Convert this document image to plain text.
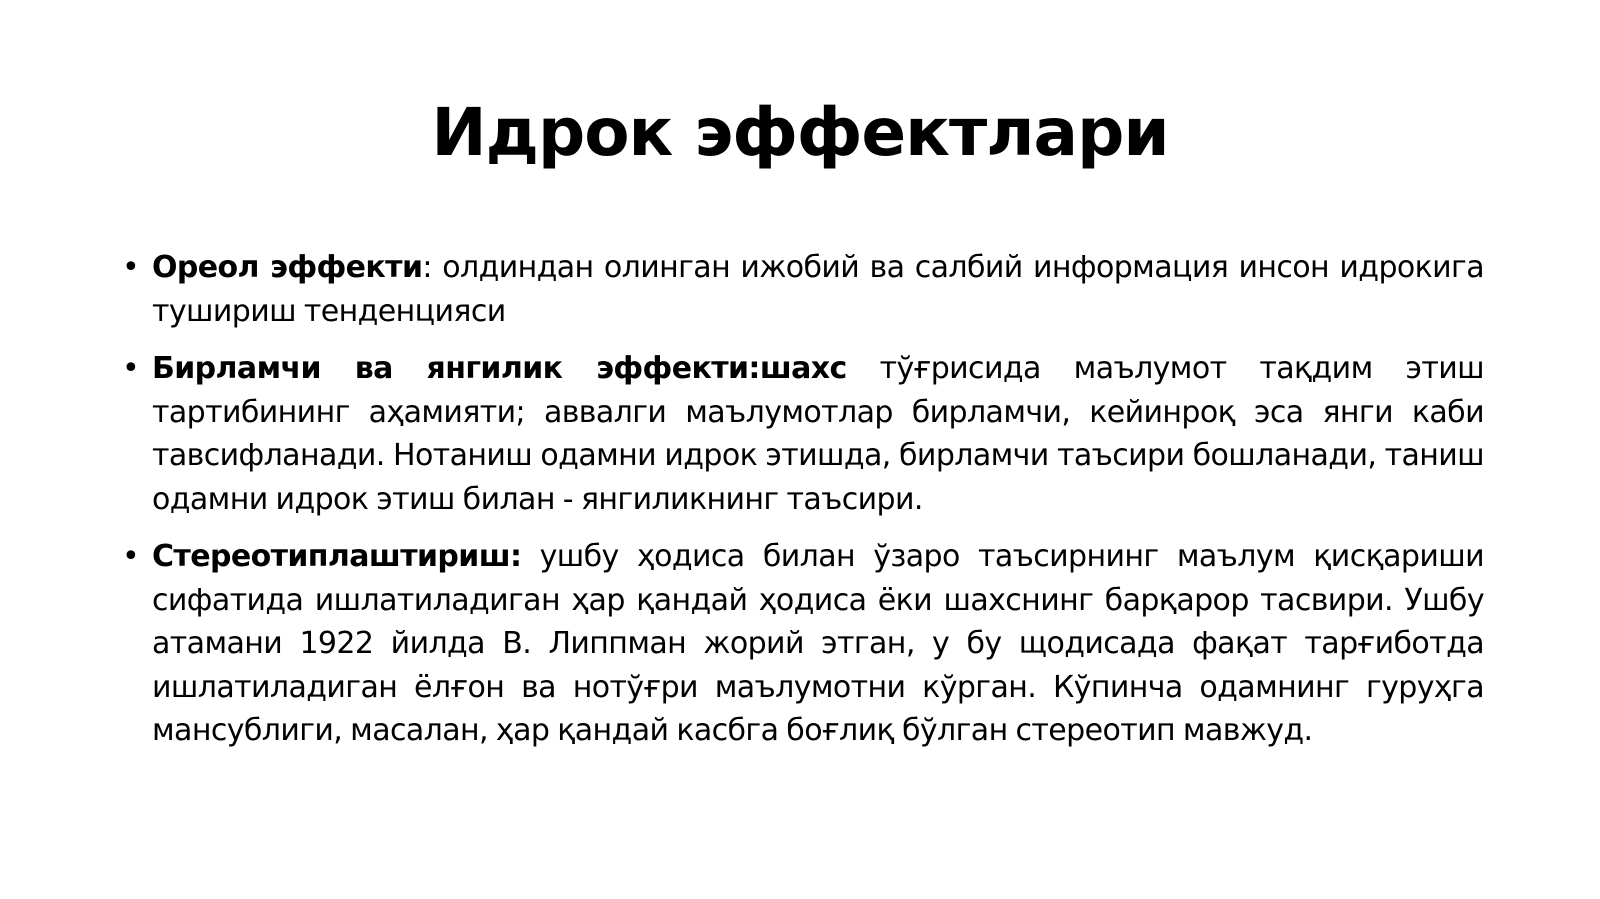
Идрок эффектлари
• Ореол эффекти: олдиндан олинган ижобий ва салбий информация инсон идрокига тушириш тенденцияси
• Бирламчи ва янгилик эффекти:шахс тўғрисида маълумот тақдим этиш тартибининг аҳамияти; аввалги маълумотлар бирламчи, кейинроқ эса янги каби тавсифланади. Нотаниш одамни идрок этишда, бирламчи таъсири бошланади, таниш одамни идрок этиш билан - янгиликнинг таъсири.
• Стереотиплаштириш: ушбу ҳодиса билан ўзаро таъсирнинг маълум қисқариши сифатида ишлатиладиган ҳар қандай ҳодиса ёки шахснинг барқарор тасвири. Ушбу атамани 1922 йилда В. Липпман жорий этган, у бу щодисада фақат тарғиботда ишлатиладиган ёлғон ва нотўғри маълумотни кўрган. Кўпинча одамнинг гуруҳга мансублиги, масалан, ҳар қандай касбга боғлиқ бўлган стереотип мавжуд.
